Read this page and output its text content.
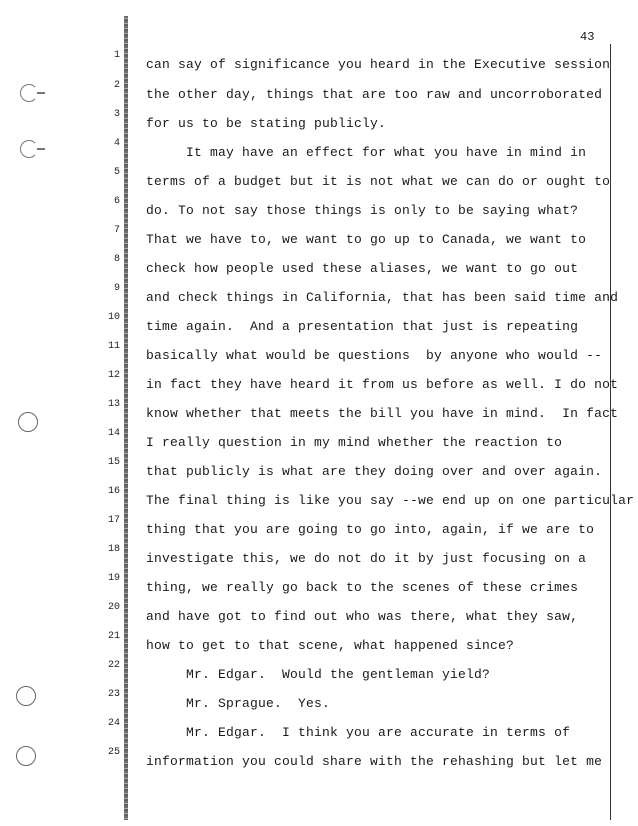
43
1
2
3
4
5
6
7
8
9
10
11
12
13
14
15
16
17
18
19
20
21
22
23
24
25
can say of significance you heard in the Executive session
the other day, things that are too raw and uncorroborated
for us to be stating publicly.
It may have an effect for what you have in mind in
terms of a budget but it is not what we can do or ought to
do. To not say those things is only to be saying what?
That we have to, we want to go up to Canada, we want to
check how people used these aliases, we want to go out
and check things in California, that has been said time and
time again.  And a presentation that just is repeating
basically what would be questions  by anyone who would --
in fact they have heard it from us before as well. I do not
know whether that meets the bill you have in mind.  In fact
I really question in my mind whether the reaction to
that publicly is what are they doing over and over again.
The final thing is like you say --we end up on one particular
thing that you are going to go into, again, if we are to
investigate this, we do not do it by just focusing on a
thing, we really go back to the scenes of these crimes
and have got to find out who was there, what they saw,
how to get to that scene, what happened since?
Mr. Edgar.  Would the gentleman yield?
Mr. Sprague.  Yes.
Mr. Edgar.  I think you are accurate in terms of
information you could share with the rehashing but let me
